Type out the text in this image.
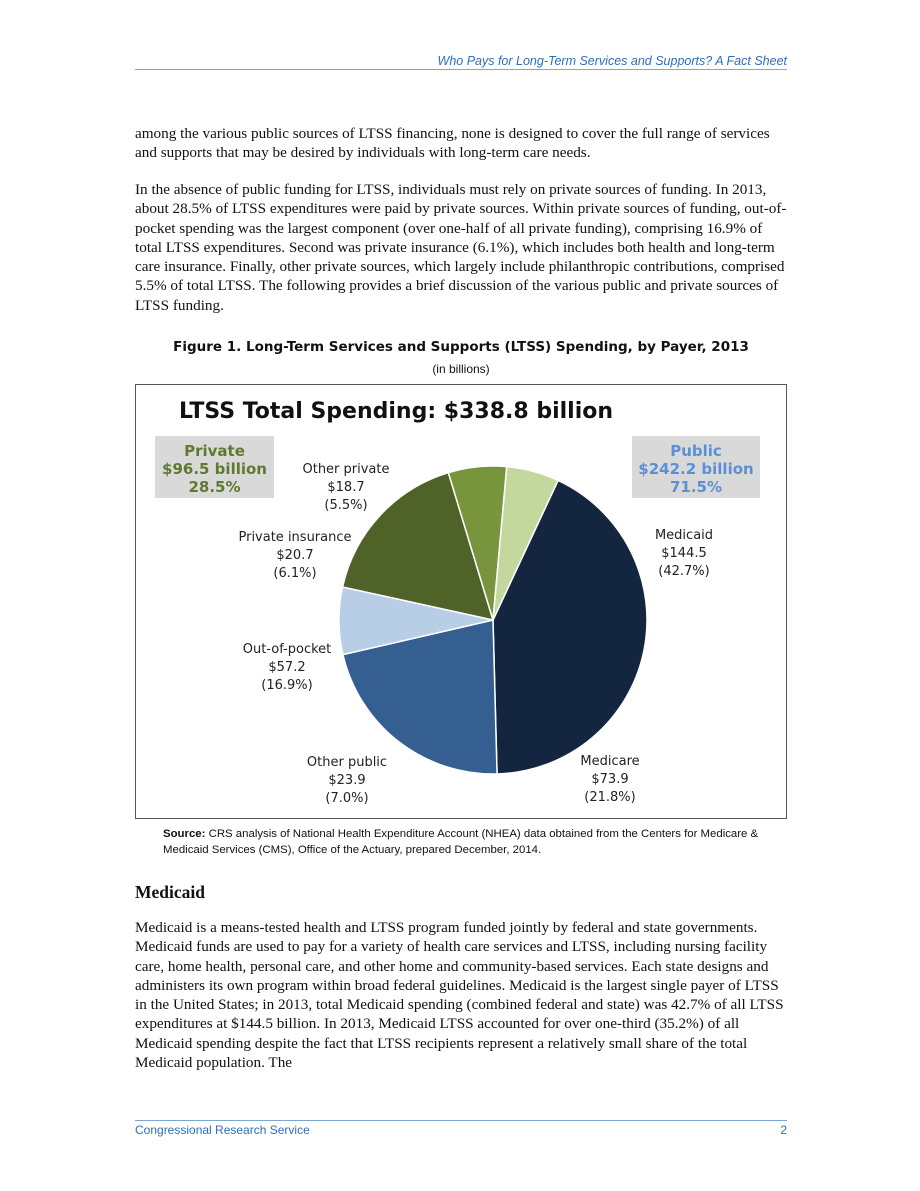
Who Pays for Long-Term Services and Supports? A Fact Sheet

among the various public sources of LTSS financing, none is designed to cover the full range of services and supports that may be desired by individuals with long-term care needs.

In the absence of public funding for LTSS, individuals must rely on private sources of funding. In 2013, about 28.5% of LTSS expenditures were paid by private sources. Within private sources of funding, out-of-pocket spending was the largest component (over one-half of all private funding), comprising 16.9% of total LTSS expenditures. Second was private insurance (6.1%), which includes both health and long-term care insurance. Finally, other private sources, which largely include philanthropic contributions, comprised 5.5% of total LTSS. The following provides a brief discussion of the various public and private sources of LTSS funding.

Figure 1. Long-Term Services and Supports (LTSS) Spending, by Payer, 2013
(in billions)
LTSS Total Spending: $338.8 billion
Private
$96.5 billion
28.5%
Public
$242.2 billion
71.5%
Medicaid
$144.5
(42.7%)
Medicare
$73.9
(21.8%)
Other public
$23.9
(7.0%)
Out-of-pocket
$57.2
(16.9%)
Private insurance
$20.7
(6.1%)
Other private
$18.7
(5.5%)

Source: CRS analysis of National Health Expenditure Account (NHEA) data obtained from the Centers for Medicare & Medicaid Services (CMS), Office of the Actuary, prepared December, 2014.

Medicaid

Medicaid is a means-tested health and LTSS program funded jointly by federal and state governments. Medicaid funds are used to pay for a variety of health care services and LTSS, including nursing facility care, home health, personal care, and other home and community-based services. Each state designs and administers its own program within broad federal guidelines. Medicaid is the largest single payer of LTSS in the United States; in 2013, total Medicaid spending (combined federal and state) was 42.7% of all LTSS expenditures at $144.5 billion. In 2013, Medicaid LTSS accounted for over one-third (35.2%) of all Medicaid spending despite the fact that LTSS recipients represent a relatively small share of the total Medicaid population. The

Congressional Research Service	2
